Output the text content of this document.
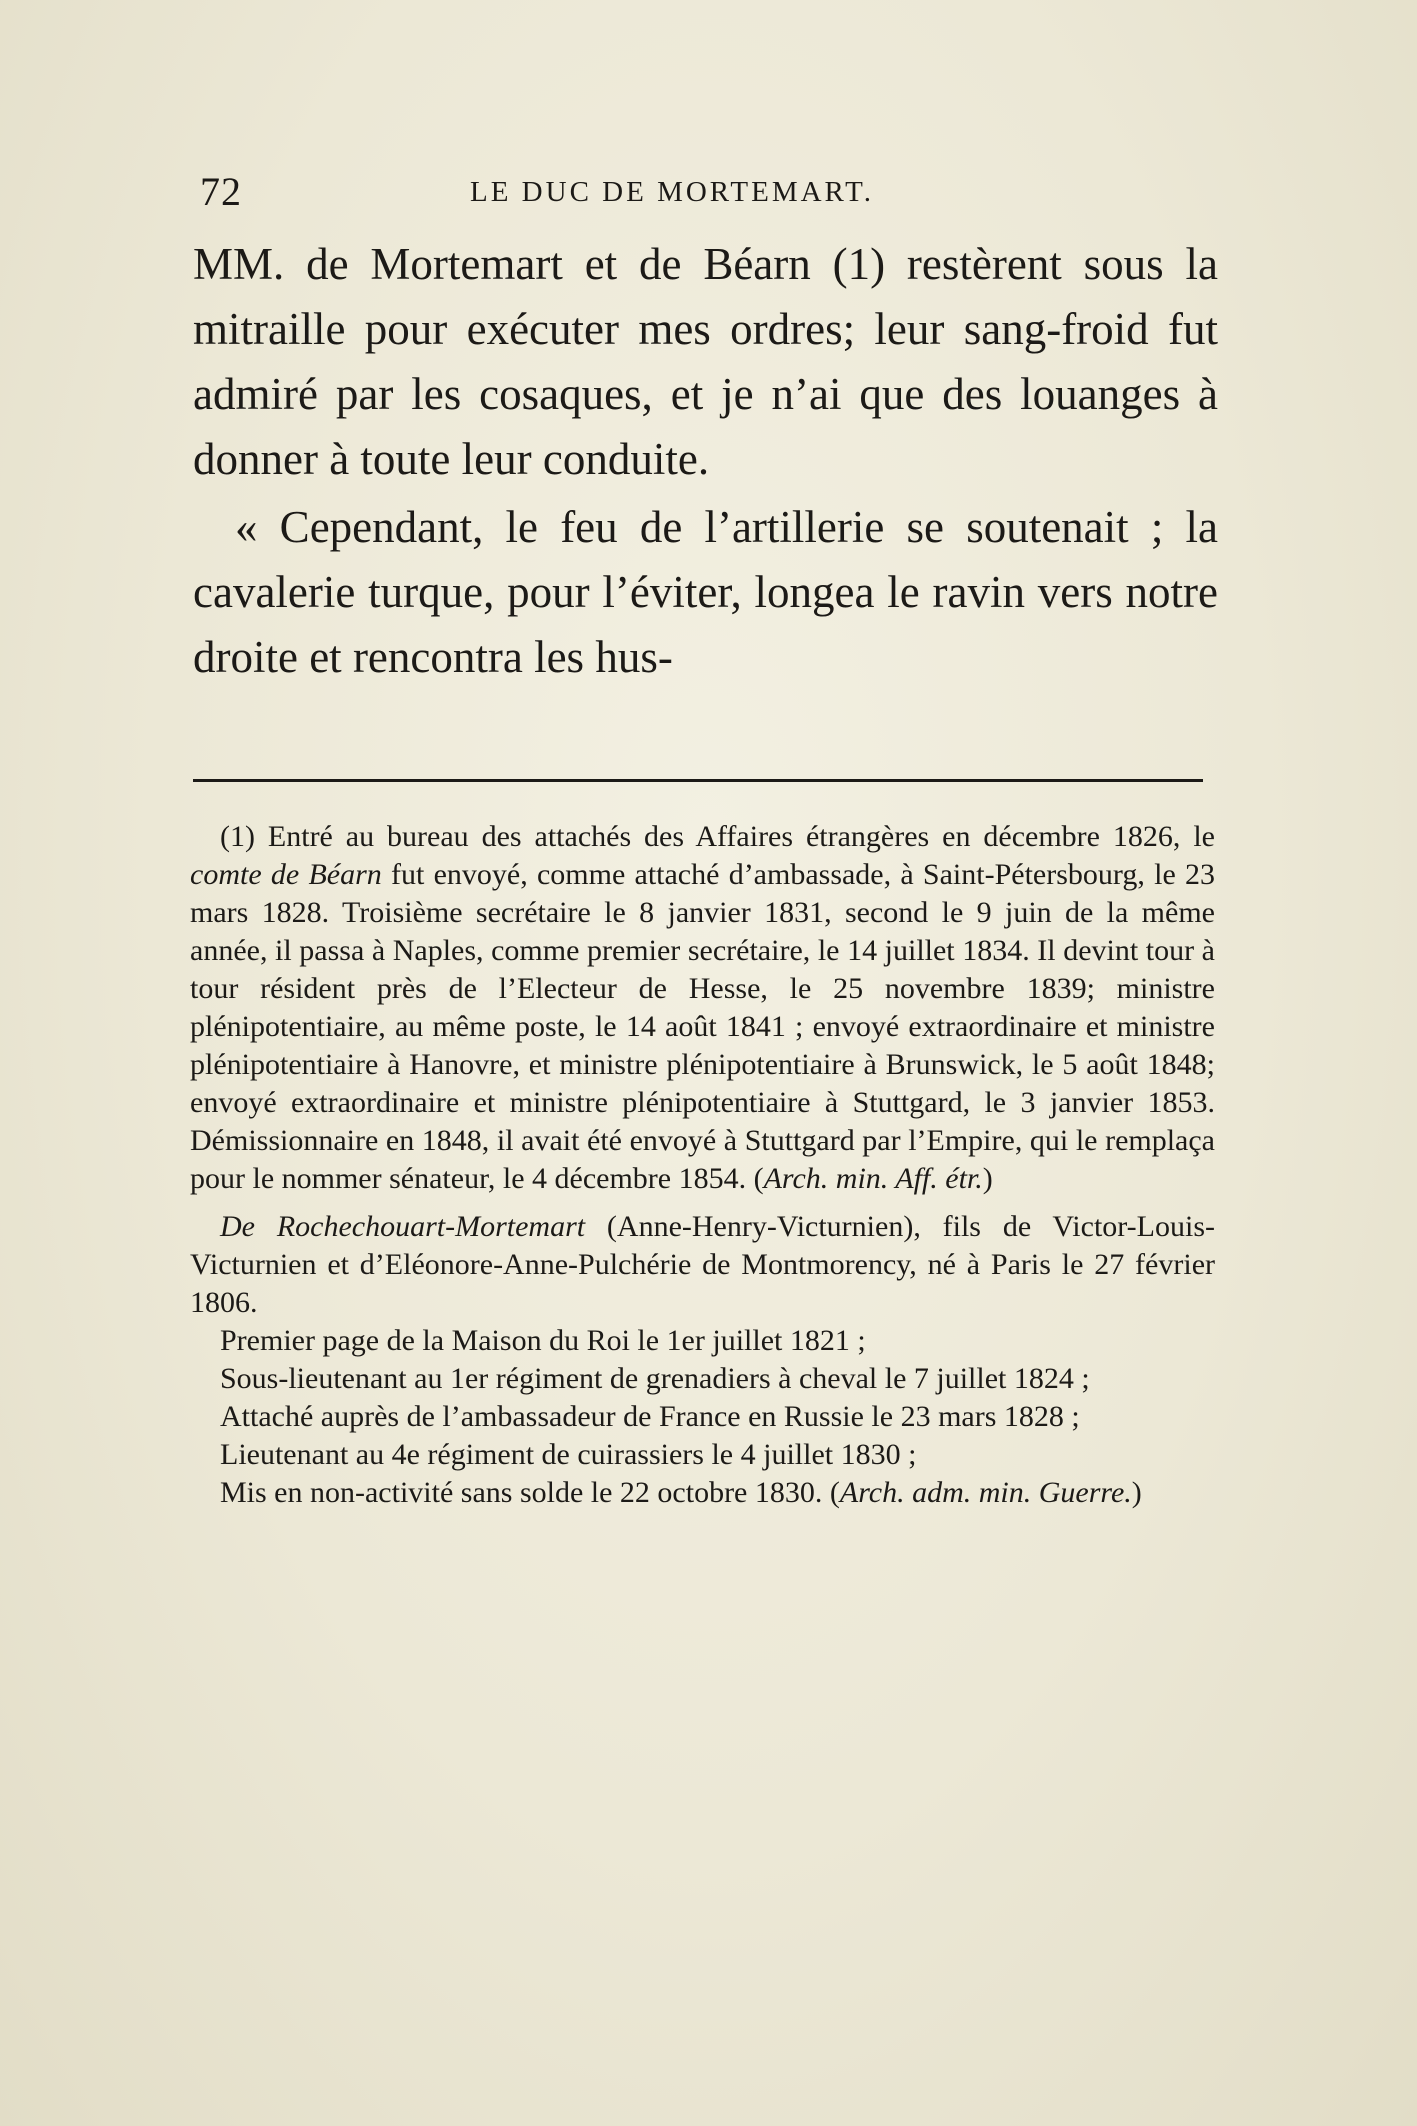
72	LE DUC DE MORTEMART.

MM. de Mortemart et de Béarn (1) restèrent sous la mitraille pour exécuter mes ordres; leur sang-froid fut admiré par les cosaques, et je n’ai que des louanges à donner à toute leur conduite.

« Cependant, le feu de l’artillerie se soutenait ; la cavalerie turque, pour l’éviter, longea le ravin vers notre droite et rencontra les hus-

(1) Entré au bureau des attachés des Affaires étrangères en décembre 1826, le comte de Béarn fut envoyé, comme attaché d’ambassade, à Saint-Pétersbourg, le 23 mars 1828. Troisième secrétaire le 8 janvier 1831, second le 9 juin de la même année, il passa à Naples, comme premier secrétaire, le 14 juillet 1834. Il devint tour à tour résident près de l’Electeur de Hesse, le 25 novembre 1839; ministre plénipotentiaire, au même poste, le 14 août 1841 ; envoyé extraordinaire et ministre plénipotentiaire à Hanovre, et ministre plénipotentiaire à Brunswick, le 5 août 1848; envoyé extraordinaire et ministre plénipotentiaire à Stuttgard, le 3 janvier 1853. Démissionnaire en 1848, il avait été envoyé à Stuttgard par l’Empire, qui le remplaça pour le nommer sénateur, le 4 décembre 1854. (Arch. min. Aff. étr.)

De Rochechouart-Mortemart (Anne-Henry-Victurnien), fils de Victor-Louis-Victurnien et d’Eléonore-Anne-Pulchérie de Montmorency, né à Paris le 27 février 1806.

Premier page de la Maison du Roi le 1er juillet 1821 ;

Sous-lieutenant au 1er régiment de grenadiers à cheval le 7 juillet 1824 ;

Attaché auprès de l’ambassadeur de France en Russie le 23 mars 1828 ;

Lieutenant au 4e régiment de cuirassiers le 4 juillet 1830 ;

Mis en non-activité sans solde le 22 octobre 1830. (Arch. adm. min. Guerre.)
